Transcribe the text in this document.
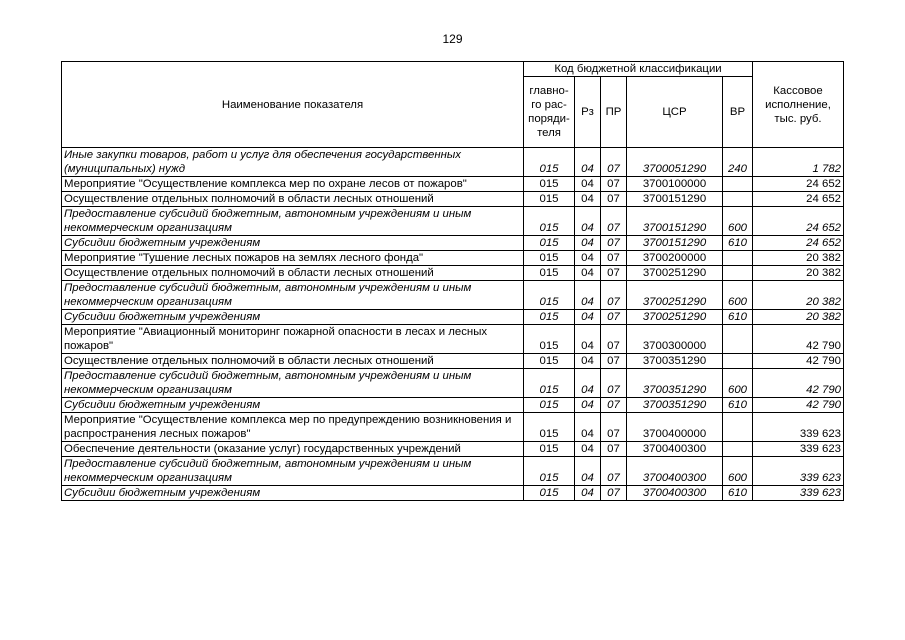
129
Наименование показателя	Код бюджетной классификации					Кассовое исполнение, тыс. руб.
	главно-го рас-поряди-теля	Рз	ПР	ЦСР	ВР	
Иные закупки товаров, работ и услуг для обеспечения государственных (муниципальных) нужд	015	04	07	3700051290	240	1 782
Мероприятие "Осуществление комплекса мер по охране лесов от пожаров"	015	04	07	3700100000		24 652
Осуществление отдельных полномочий в области лесных отношений	015	04	07	3700151290		24 652
Предоставление субсидий бюджетным, автономным учреждениям и иным некоммерческим организациям	015	04	07	3700151290	600	24 652
Субсидии бюджетным учреждениям	015	04	07	3700151290	610	24 652
Мероприятие "Тушение лесных пожаров на землях лесного фонда"	015	04	07	3700200000		20 382
Осуществление отдельных полномочий в области лесных отношений	015	04	07	3700251290		20 382
Предоставление субсидий бюджетным, автономным учреждениям и иным некоммерческим организациям	015	04	07	3700251290	600	20 382
Субсидии бюджетным учреждениям	015	04	07	3700251290	610	20 382
Мероприятие "Авиационный мониторинг пожарной опасности в лесах и лесных пожаров"	015	04	07	3700300000		42 790
Осуществление отдельных полномочий в области лесных отношений	015	04	07	3700351290		42 790
Предоставление субсидий бюджетным, автономным учреждениям и иным некоммерческим организациям	015	04	07	3700351290	600	42 790
Субсидии бюджетным учреждениям	015	04	07	3700351290	610	42 790
Мероприятие "Осуществление комплекса мер по предупреждению возникновения и распространения лесных пожаров"	015	04	07	3700400000		339 623
Обеспечение деятельности (оказание услуг) государственных учреждений	015	04	07	3700400300		339 623
Предоставление субсидий бюджетным, автономным учреждениям и иным некоммерческим организациям	015	04	07	3700400300	600	339 623
Субсидии бюджетным учреждениям	015	04	07	3700400300	610	339 623
